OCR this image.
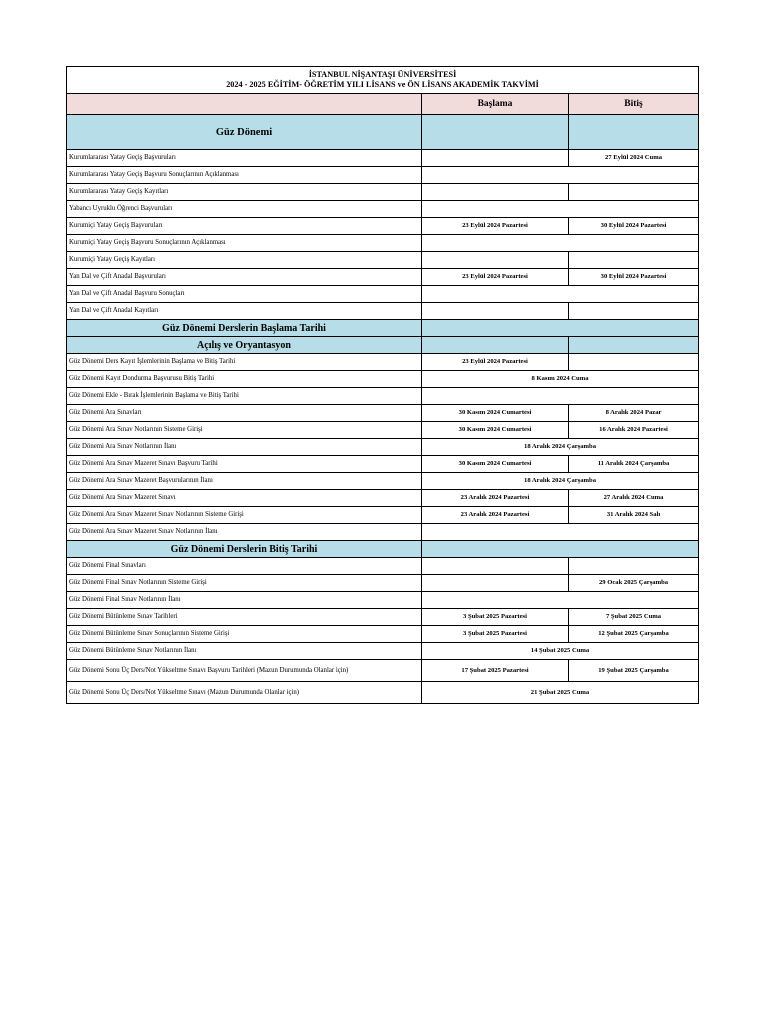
İSTANBUL NİŞANTAŞI ÜNİVERSİTESİ
2024 - 2025 EĞİTİM- ÖĞRETİM YILI LİSANS ve ÖN LİSANS AKADEMİK TAKVİMİ		

	Başlama	Bitiş
Güz Dönemi		
Kurumlararası Yatay Geçiş Başvuruları		27 Eylül 2024 Cuma
Kurumlararası Yatay Geçiş Başvuru Sonuçlarının Açıklanması		
Kurumlararası Yatay Geçiş Kayıtları		
Yabancı Uyruklu Öğrenci Başvuruları		
Kurumiçi Yatay Geçiş Başvuruları	23 Eylül 2024 Pazartesi	30 Eylül 2024 Pazartesi
Kurumiçi Yatay Geçiş Başvuru Sonuçlarının Açıklanması		
Kurumiçi Yatay Geçiş Kayıtları		
Yan Dal ve Çift Anadal Başvuruları	23 Eylül 2024 Pazartesi	30 Eylül 2024 Pazartesi
Yan Dal ve Çift Anadal Başvuru Sonuçları		
Yan Dal ve Çift Anadal Kayıtları		
Güz Dönemi Derslerin Başlama Tarihi		
Açılış ve Oryantasyon		
Güz Dönemi Ders Kayıt İşlemlerinin Başlama ve Bitiş Tarihi	23 Eylül 2024 Pazartesi	
Güz Dönemi Kayıt Dondurma Başvurusu Bitiş Tarihi	8 Kasım 2024 Cuma	
Güz Dönemi Ekle - Bırak İşlemlerinin Başlama ve Bitiş Tarihi		
Güz Dönemi Ara Sınavları	30 Kasım 2024 Cumartesi	8 Aralık 2024 Pazar
Güz Dönemi Ara Sınav Notlarının Sisteme Girişi	30 Kasım 2024 Cumartesi	16 Aralık 2024 Pazartesi
Güz Dönemi Ara Sınav Notlarının İlanı	18 Aralık 2024 Çarşamba	
Güz Dönemi Ara Sınav Mazeret Sınavı Başvuru Tarihi	30 Kasım 2024 Cumartesi	11 Aralık 2024 Çarşamba
Güz Dönemi Ara Sınav Mazeret Başvurularının İlanı	18 Aralık 2024 Çarşamba	
Güz Dönemi Ara Sınav Mazeret Sınavı	23 Aralık 2024 Pazartesi	27 Aralık 2024 Cuma
Güz Dönemi Ara Sınav Mazeret Sınav Notlarının Sisteme Girişi	23 Aralık 2024 Pazartesi	31 Aralık 2024 Salı
Güz Dönemi Ara Sınav Mazeret Sınav Notlarının İlanı		
Güz Dönemi Derslerin Bitiş Tarihi		
Güz Dönemi Final Sınavları		
Güz Dönemi Final Sınav Notlarının Sisteme Girişi		29 Ocak 2025 Çarşamba
Güz Dönemi Final Sınav Notlarının İlanı		
Güz Dönemi Bütünleme Sınav Tarihleri	3 Şubat 2025 Pazartesi	7 Şubat 2025 Cuma
Güz Dönemi Bütünleme Sınav Sonuçlarının Sisteme Girişi	3 Şubat 2025 Pazartesi	12 Şubat 2025 Çarşamba
Güz Dönemi Bütünleme Sınav Notlarının İlanı	14 Şubat 2025 Cuma	
Güz Dönemi Sonu Üç Ders/Not Yükseltme Sınavı Başvuru Tarihleri (Mazun Durumunda Olanlar için)	17 Şubat 2025 Pazartesi	19 Şubat 2025 Çarşamba
Güz Dönemi Sonu Üç Ders/Not Yükseltme Sınavı (Mazun Durumunda Olanlar için)	21 Şubat 2025 Cuma	
